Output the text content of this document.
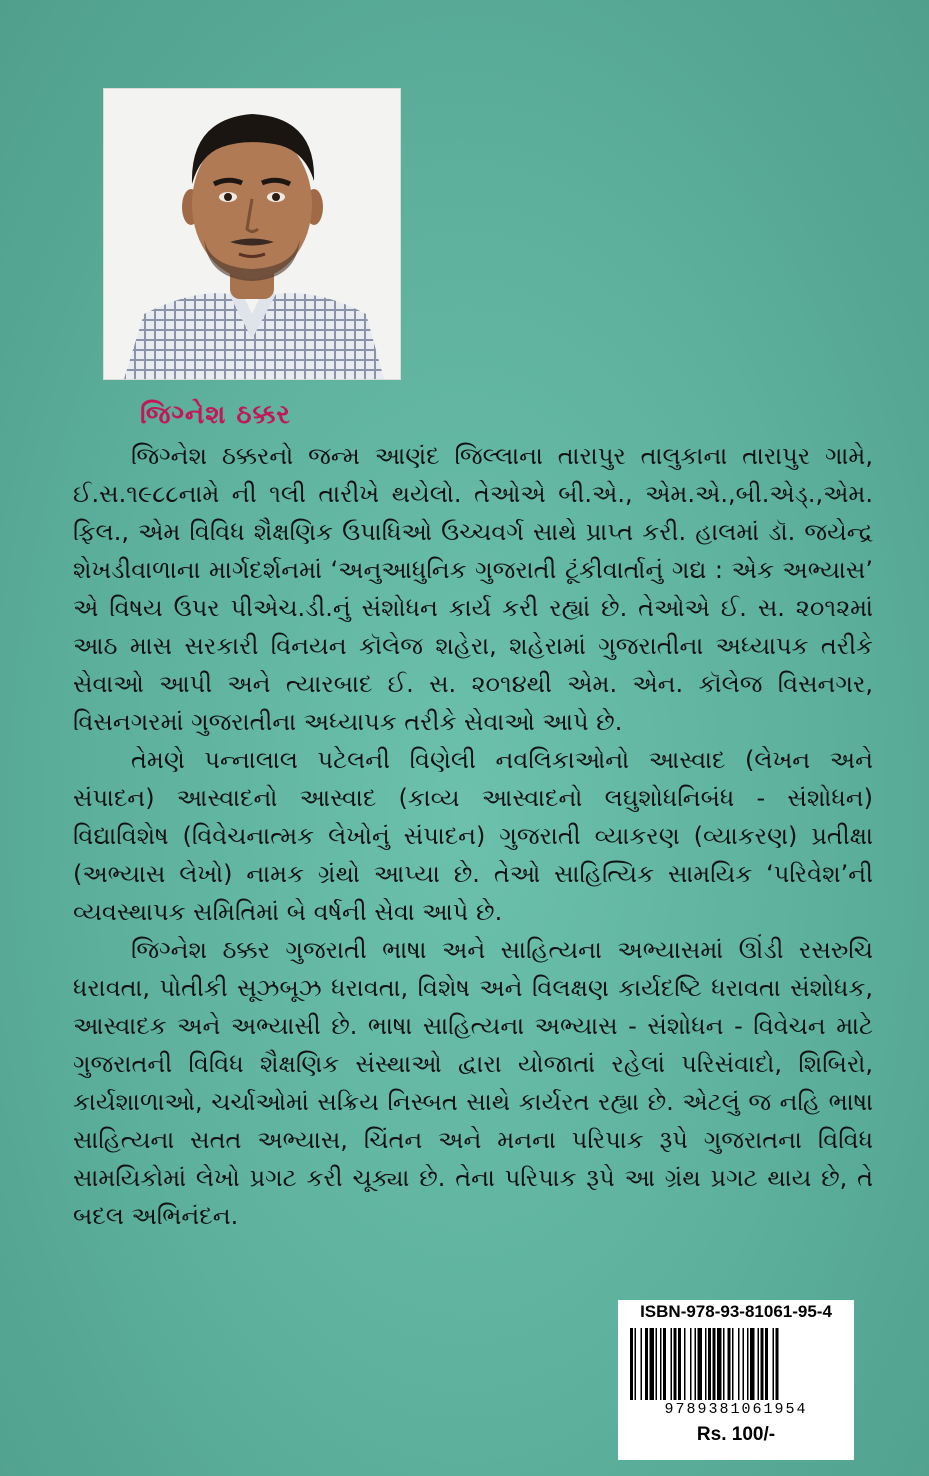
જિગ્નેશ ઠક્કર

જિગ્નેશ ઠક્કરનો જન્મ આણંદ જિલ્લાના તારાપુર તાલુકાના તારાપુર ગામે, ઈ.સ.૧૯૮૮નામે ની ૧લી તારીખે થયેલો. તેઓએ બી.એ., એમ.એ.,બી.એડ્.,એમ. ફિલ., એમ વિવિધ શૈક્ષણિક ઉપાધિઓ ઉચ્ચવર્ગ સાથે પ્રાપ્ત કરી. હાલમાં ડૉ. જયેન્દ્ર શેખડીવાળાના માર્ગદર્શનમાં ‘અનુઆધુનિક ગુજરાતી ટૂંકીવાર્તાનું ગદ્ય : એક અભ્યાસ’ એ વિષય ઉપર પીએચ.ડી.નું સંશોધન કાર્ય કરી રહ્યાં છે. તેઓએ ઈ. સ. ૨૦૧૨માં આઠ માસ સરકારી વિનયન કૉલેજ શહેરા, શહેરામાં ગુજરાતીના અધ્યાપક તરીકે સેવાઓ આપી અને ત્યારબાદ ઈ. સ. ૨૦૧૪થી એમ. એન. કૉલેજ વિસનગર, વિસનગરમાં ગુજરાતીના અધ્યાપક તરીકે સેવાઓ આપે છે.

તેમણે પન્નાલાલ પટેલની વિણેલી નવલિકાઓનો આસ્વાદ (લેખન અને સંપાદન) આસ્વાદનો આસ્વાદ (કાવ્ય આસ્વાદનો લઘુશોધનિબંધ - સંશોધન) વિદ્યાવિશેષ (વિવેચનાત્મક લેખોનું સંપાદન) ગુજરાતી વ્યાકરણ (વ્યાકરણ) પ્રતીક્ષા (અભ્યાસ લેખો) નામક ગ્રંથો આપ્યા છે. તેઓ સાહિત્યિક સામયિક ‘પરિવેશ’ની વ્યવસ્થાપક સમિતિમાં બે વર્ષની સેવા આપે છે.

જિગ્નેશ ઠક્કર ગુજરાતી ભાષા અને સાહિત્યના અભ્યાસમાં ઊંડી રસરુચિ ધરાવતા, પોતીકી સૂઝબૂઝ ધરાવતા, વિશેષ અને વિલક્ષણ કાર્યદષ્ટિ ધરાવતા સંશોધક, આસ્વાદક અને અભ્યાસી છે. ભાષા સાહિત્યના અભ્યાસ - સંશોધન - વિવેચન માટે ગુજરાતની વિવિધ શૈક્ષણિક સંસ્થાઓ દ્વારા યોજાતાં રહેલાં પરિસંવાદો, શિબિરો, કાર્યશાળાઓ, ચર્ચાઓમાં સક્રિય નિસ્બત સાથે કાર્યરત રહ્યા છે. એટલું જ નહિ ભાષા સાહિત્યના સતત અભ્યાસ, ચિંતન અને મનના પરિપાક રૂપે ગુજરાતના વિવિધ સામયિકોમાં લેખો પ્રગટ કરી ચૂક્યા છે. તેના પરિપાક રૂપે આ ગ્રંથ પ્રગટ થાય છે, તે બદલ અભિનંદન.

ISBN-978-93-81061-95-4
9789381061954
Rs. 100/-
